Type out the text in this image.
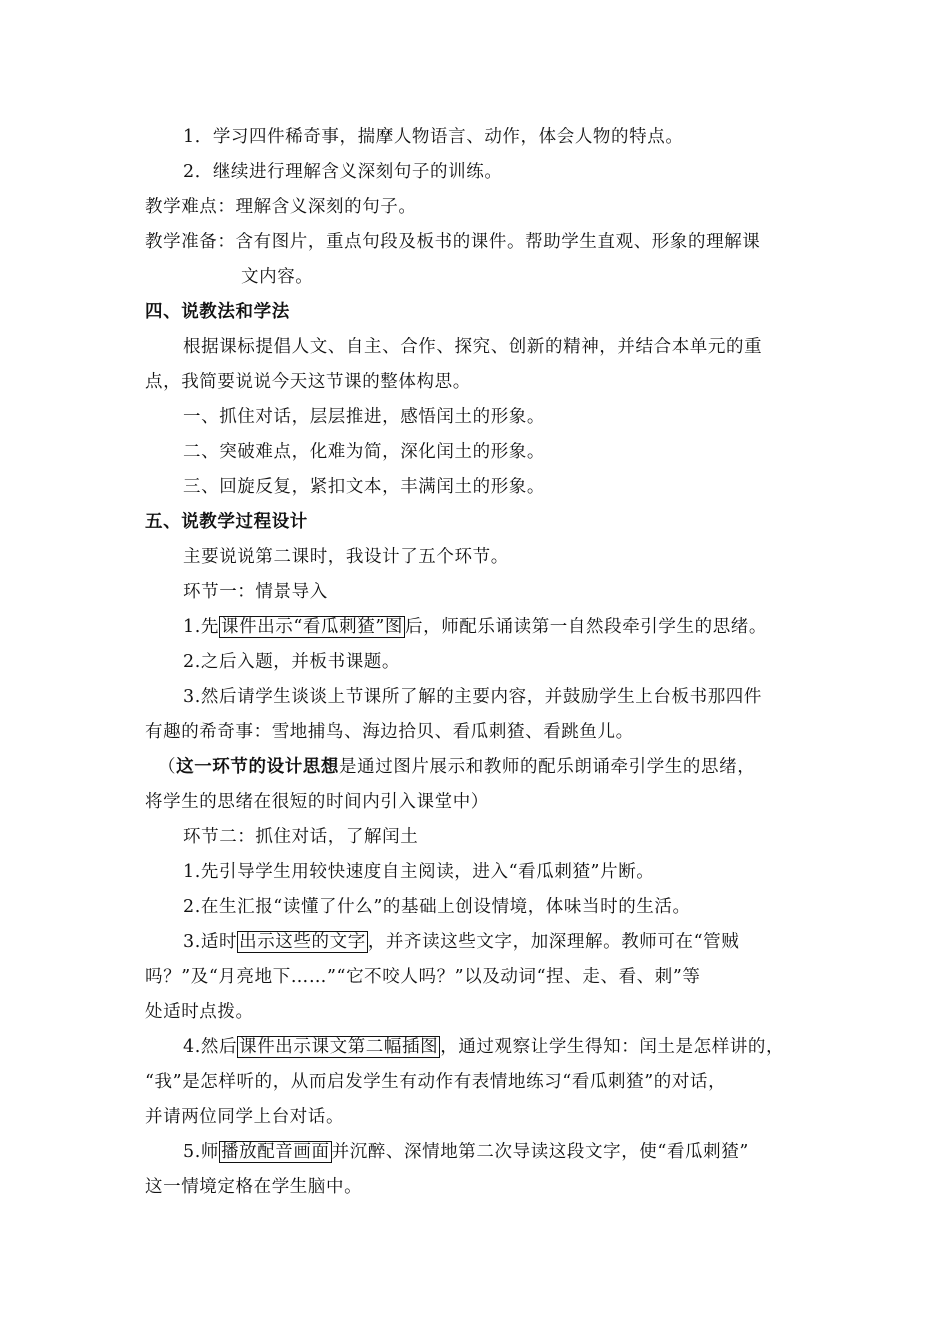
1．学习四件稀奇事，揣摩人物语言、动作，体会人物的特点。
2．继续进行理解含义深刻句子的训练。
教学难点：理解含义深刻的句子。
教学准备：含有图片，重点句段及板书的课件。帮助学生直观、形象的理解课
文内容。
四、说教法和学法
根据课标提倡人文、自主、合作、探究、创新的精神，并结合本单元的重
点，我简要说说今天这节课的整体构思。
一、抓住对话，层层推进，感悟闰土的形象。
二、突破难点，化难为简，深化闰土的形象。
三、回旋反复，紧扣文本，丰满闰土的形象。
五、说教学过程设计
主要说说第二课时，我设计了五个环节。
环节一：情景导入
1.先 课件出示“看瓜刺猹”图 后，师配乐诵读第一自然段牵引学生的思绪。
2.之后入题，并板书课题。
3.然后请学生谈谈上节课所了解的主要内容，并鼓励学生上台板书那四件
有趣的希奇事：雪地捕鸟、海边拾贝、看瓜刺猹、看跳鱼儿。
（这一环节的设计思想是通过图片展示和教师的配乐朗诵牵引学生的思绪，
将学生的思绪在很短的时间内引入课堂中）
环节二：抓住对话，了解闰土
1.先引导学生用较快速度自主阅读，进入“看瓜刺猹”片断。
2.在生汇报“读懂了什么”的基础上创设情境，体味当时的生活。
3.适时 出示这些的文字 ，并齐读这些文字，加深理解。教师可在“管贼
吗？”及“月亮地下……”“它不咬人吗？”以及动词“捏、走、看、刺”等
处适时点拨。
4.然后 课件出示课文第二幅插图 ，通过观察让学生得知：闰土是怎样讲的，
“我”是怎样听的，从而启发学生有动作有表情地练习“看瓜刺猹”的对话，
并请两位同学上台对话。
5.师 播放配音画面 并沉醉、深情地第二次导读这段文字，使“看瓜刺猹”
这一情境定格在学生脑中。
